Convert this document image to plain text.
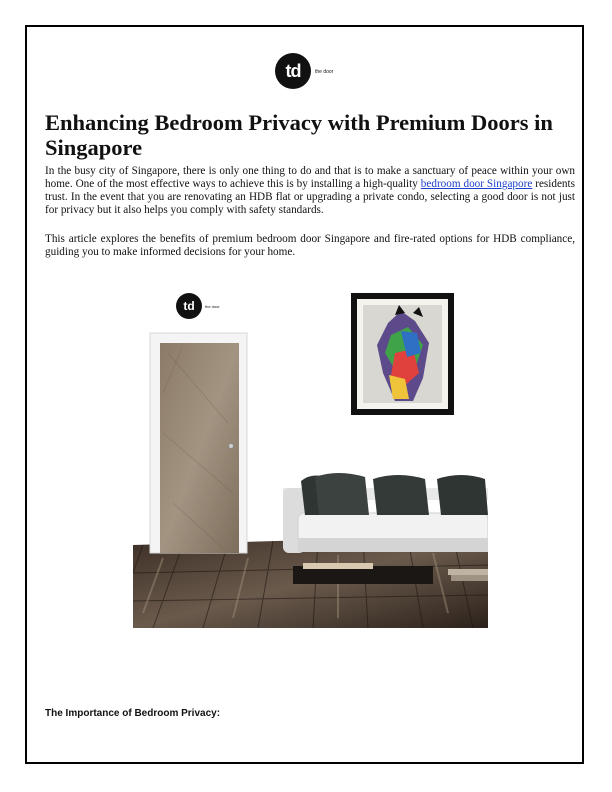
td	the door
Enhancing Bedroom Privacy with Premium Doors in Singapore

In the busy city of Singapore, there is only one thing to do and that is to make a sanctuary of peace within your own home. One of the most effective ways to achieve this is by installing a high-quality bedroom door Singapore residents trust. In the event that you are renovating an HDB flat or upgrading a private condo, selecting a good door is not just for privacy but it also helps you comply with safety standards.

This article explores the benefits of premium bedroom door Singapore and fire-rated options for HDB compliance, guiding you to make informed decisions for your home.

td	the door

The Importance of Bedroom Privacy:
